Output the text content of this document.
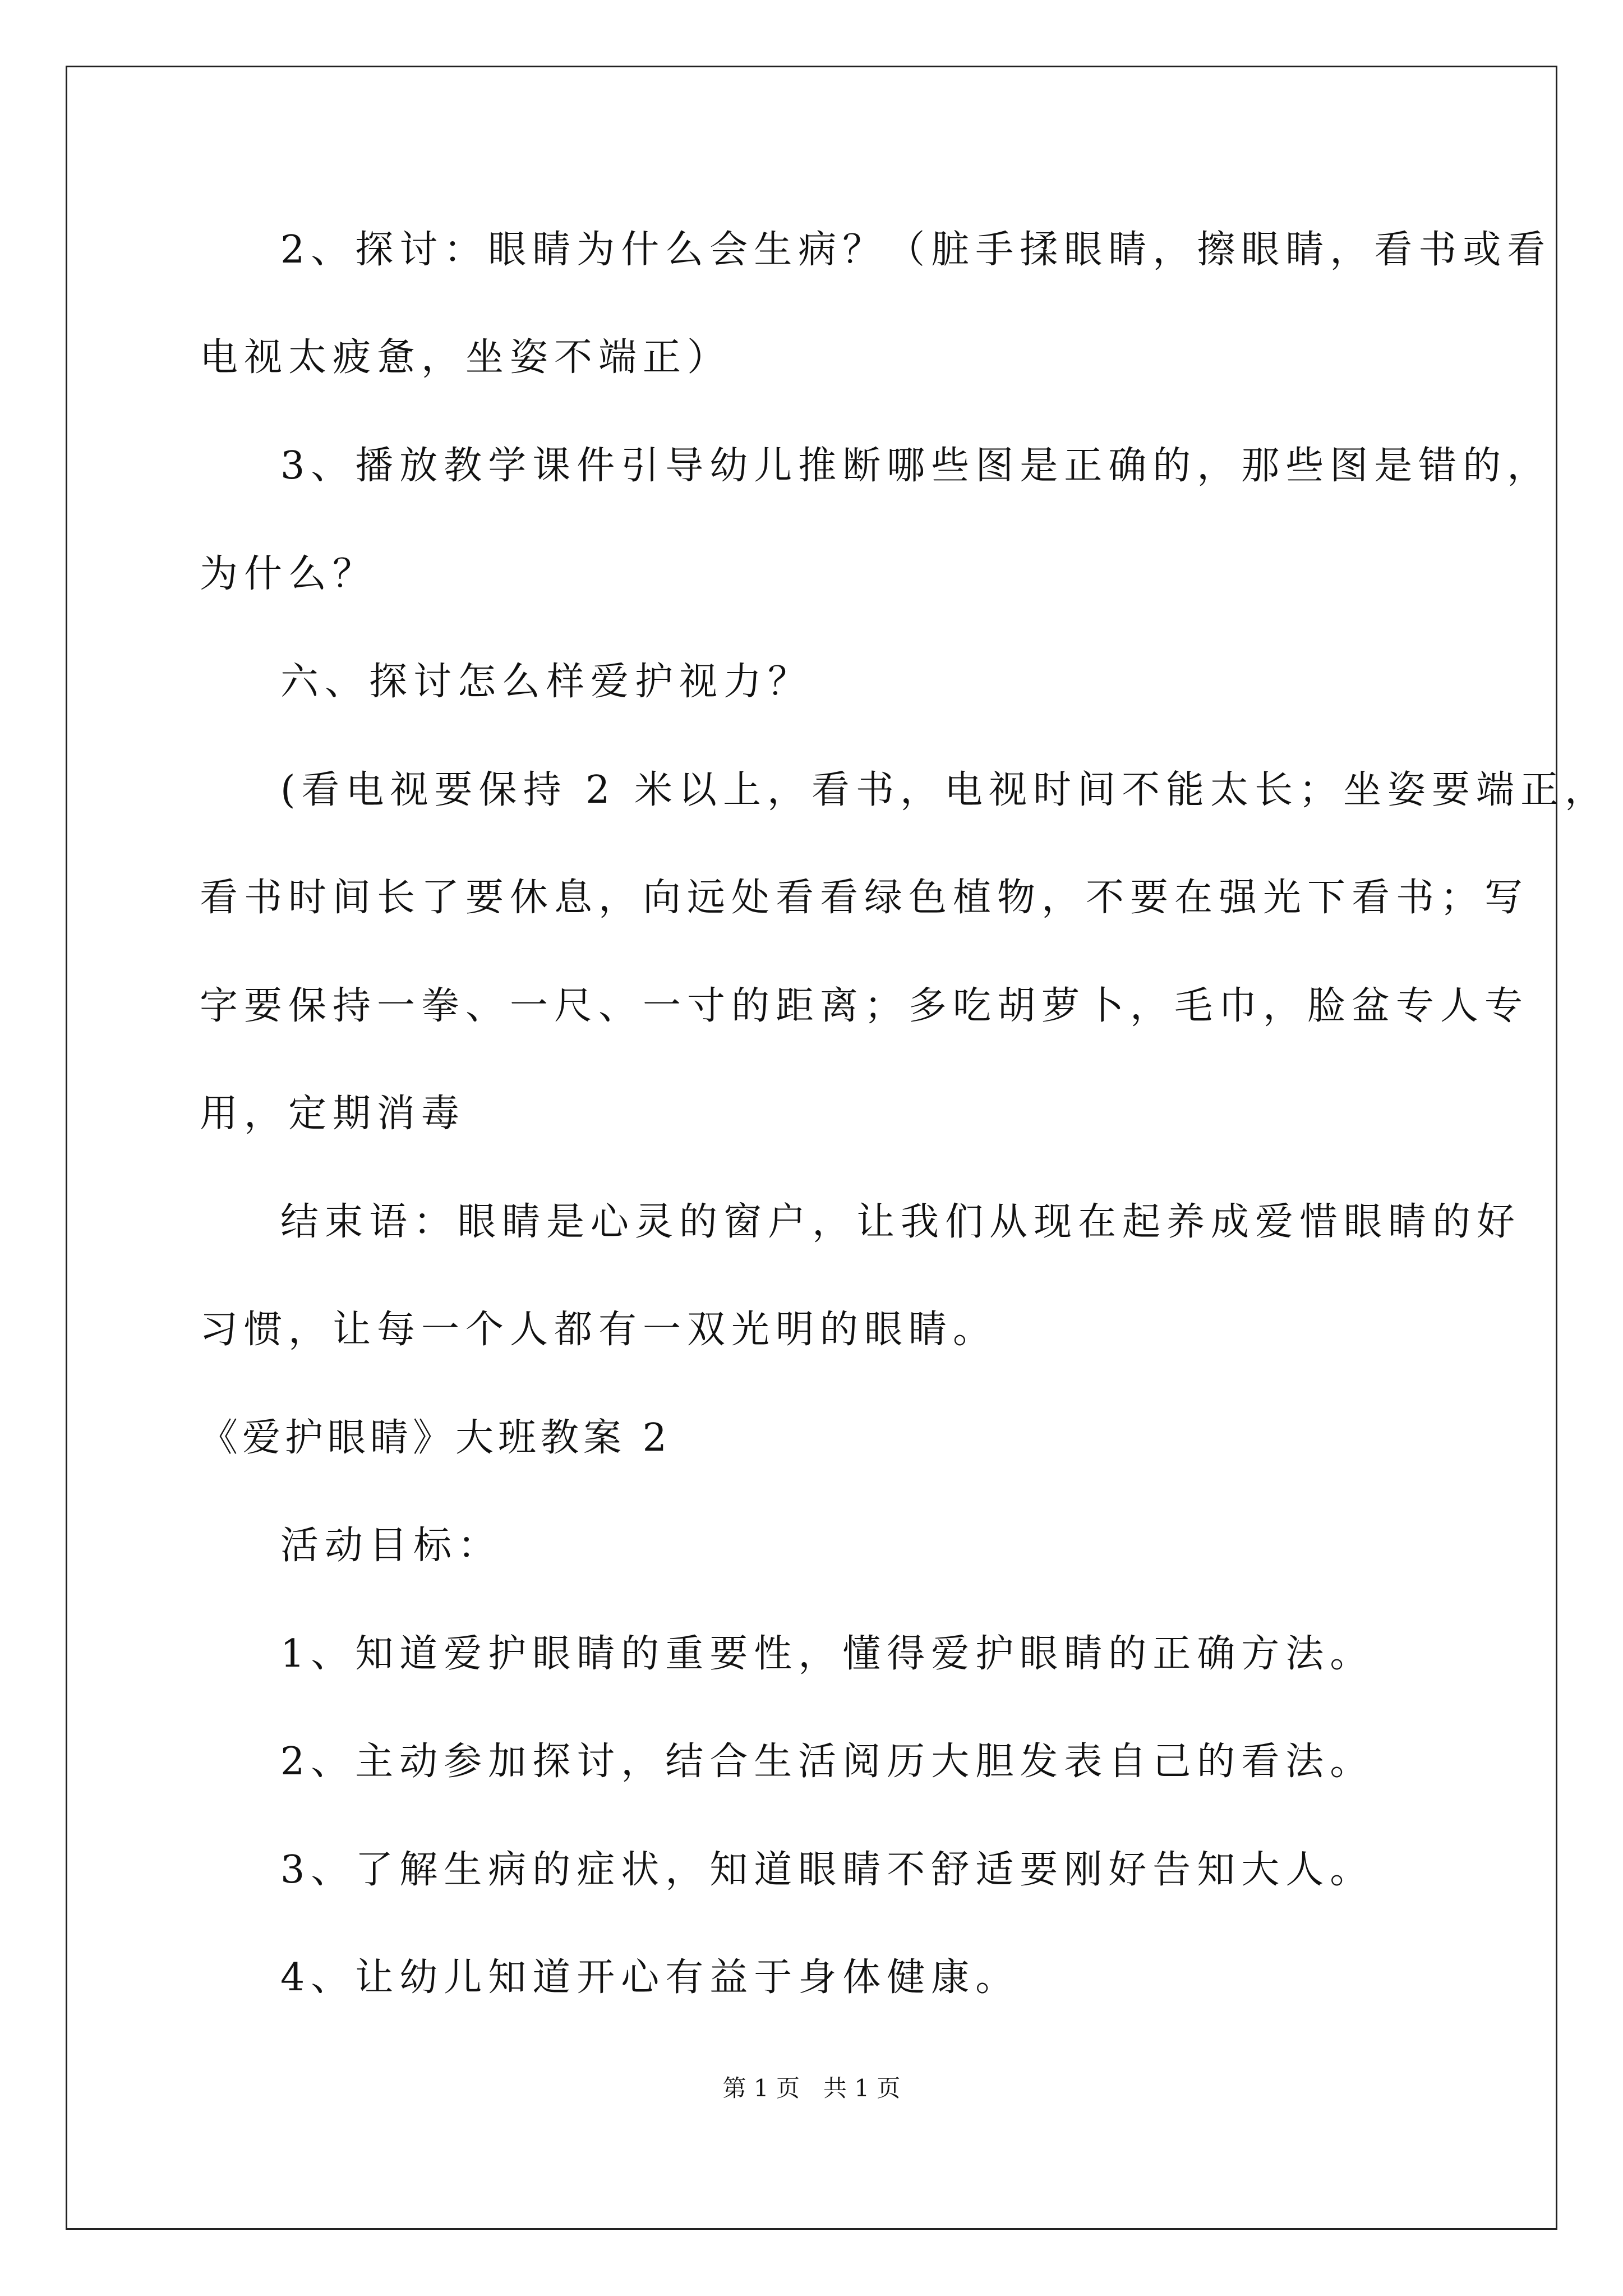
2、探讨：眼睛为什么会生病？（脏手揉眼睛，擦眼睛，看书或看
电视太疲惫，坐姿不端正）
3、播放教学课件引导幼儿推断哪些图是正确的，那些图是错的，
为什么？
六、探讨怎么样爱护视力？
(看电视要保持 2 米以上，看书，电视时间不能太长；坐姿要端正，
看书时间长了要休息，向远处看看绿色植物，不要在强光下看书；写
字要保持一拳、一尺、一寸的距离；多吃胡萝卜，毛巾，脸盆专人专
用，定期消毒
结束语：眼睛是心灵的窗户，让我们从现在起养成爱惜眼睛的好
习惯，让每一个人都有一双光明的眼睛。
《爱护眼睛》大班教案 2
活动目标：
1、知道爱护眼睛的重要性，懂得爱护眼睛的正确方法。
2、主动参加探讨，结合生活阅历大胆发表自己的看法。
3、了解生病的症状，知道眼睛不舒适要刚好告知大人。
4、让幼儿知道开心有益于身体健康。
第 1 页　共 1 页
